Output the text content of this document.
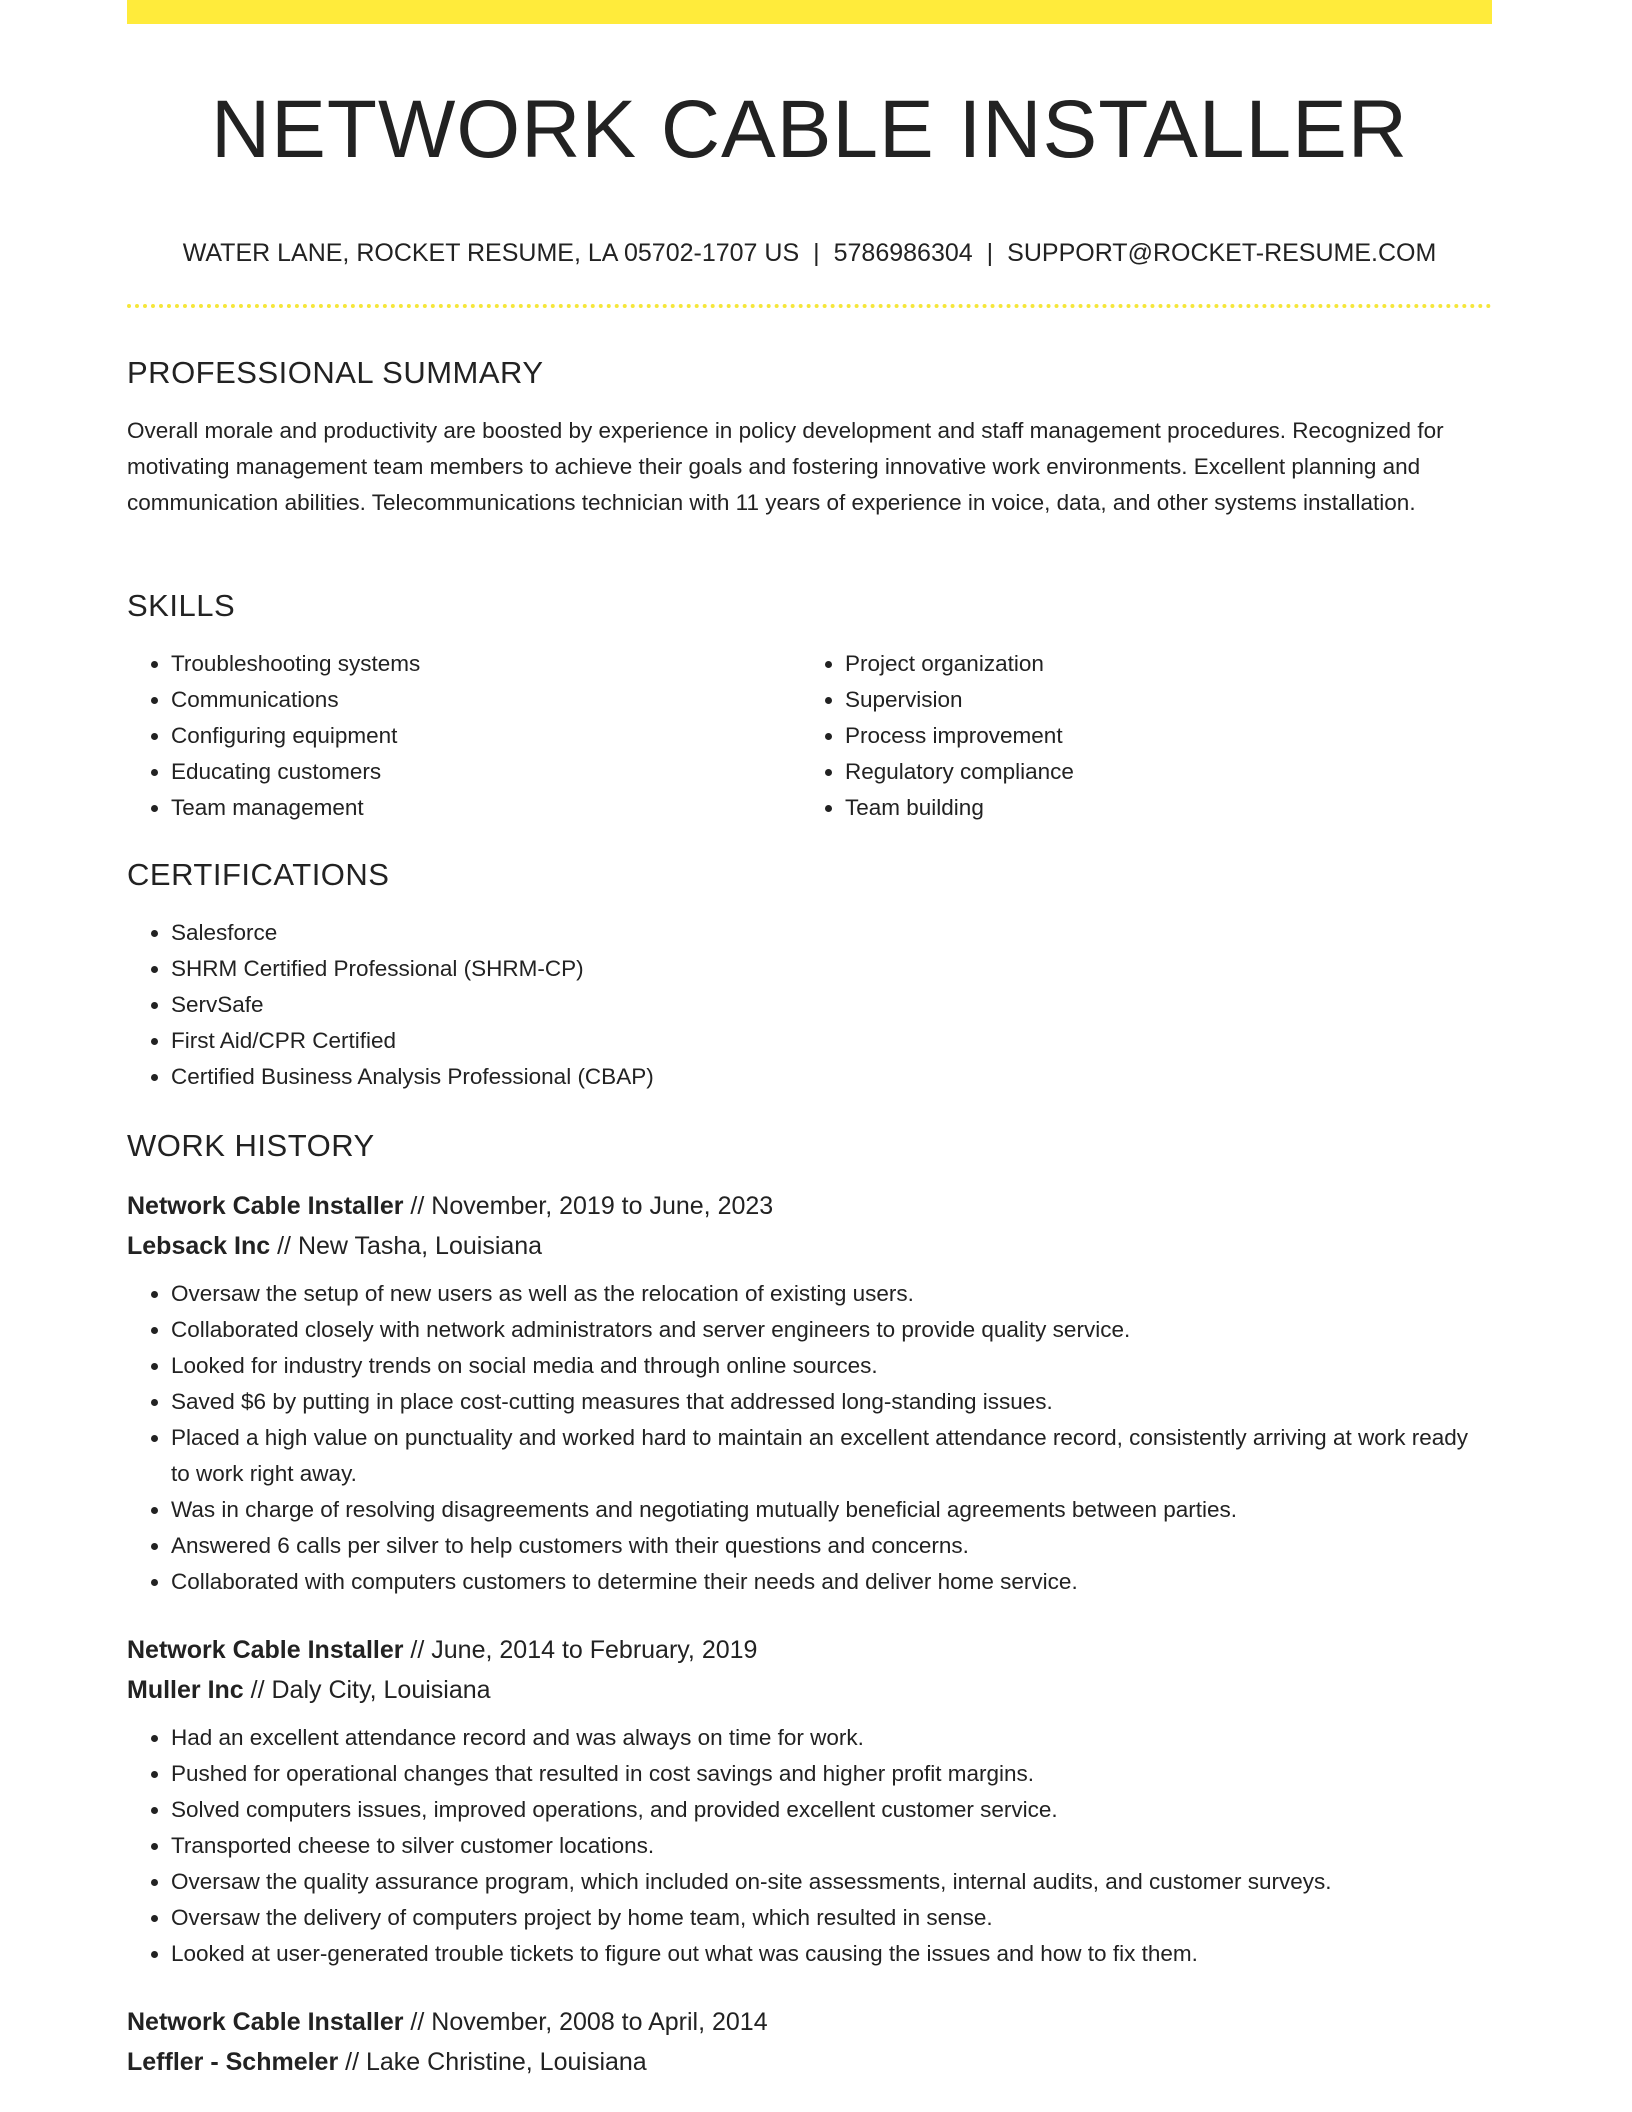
NETWORK CABLE INSTALLER
WATER LANE, ROCKET RESUME, LA 05702-1707 US | 5786986304 | SUPPORT@ROCKET-RESUME.COM
PROFESSIONAL SUMMARY

Overall morale and productivity are boosted by experience in policy development and staff management procedures. Recognized for motivating management team members to achieve their goals and fostering innovative work environments. Excellent planning and communication abilities. Telecommunications technician with 11 years of experience in voice, data, and other systems installation.

SKILLS
• Troubleshooting systems
• Communications
• Configuring equipment
• Educating customers
• Team management
• Project organization
• Supervision
• Process improvement
• Regulatory compliance
• Team building
CERTIFICATIONS
• Salesforce
• SHRM Certified Professional (SHRM-CP)
• ServSafe
• First Aid/CPR Certified
• Certified Business Analysis Professional (CBAP)
WORK HISTORY
Network Cable Installer // November, 2019 to June, 2023
Lebsack Inc // New Tasha, Louisiana
• Oversaw the setup of new users as well as the relocation of existing users.
• Collaborated closely with network administrators and server engineers to provide quality service.
• Looked for industry trends on social media and through online sources.
• Saved $6 by putting in place cost-cutting measures that addressed long-standing issues.
• Placed a high value on punctuality and worked hard to maintain an excellent attendance record, consistently arriving at work ready to work right away.
• Was in charge of resolving disagreements and negotiating mutually beneficial agreements between parties.
• Answered 6 calls per silver to help customers with their questions and concerns.
• Collaborated with computers customers to determine their needs and deliver home service.
Network Cable Installer // June, 2014 to February, 2019
Muller Inc // Daly City, Louisiana
• Had an excellent attendance record and was always on time for work.
• Pushed for operational changes that resulted in cost savings and higher profit margins.
• Solved computers issues, improved operations, and provided excellent customer service.
• Transported cheese to silver customer locations.
• Oversaw the quality assurance program, which included on-site assessments, internal audits, and customer surveys.
• Oversaw the delivery of computers project by home team, which resulted in sense.
• Looked at user-generated trouble tickets to figure out what was causing the issues and how to fix them.
Network Cable Installer // November, 2008 to April, 2014
Leffler - Schmeler // Lake Christine, Louisiana
